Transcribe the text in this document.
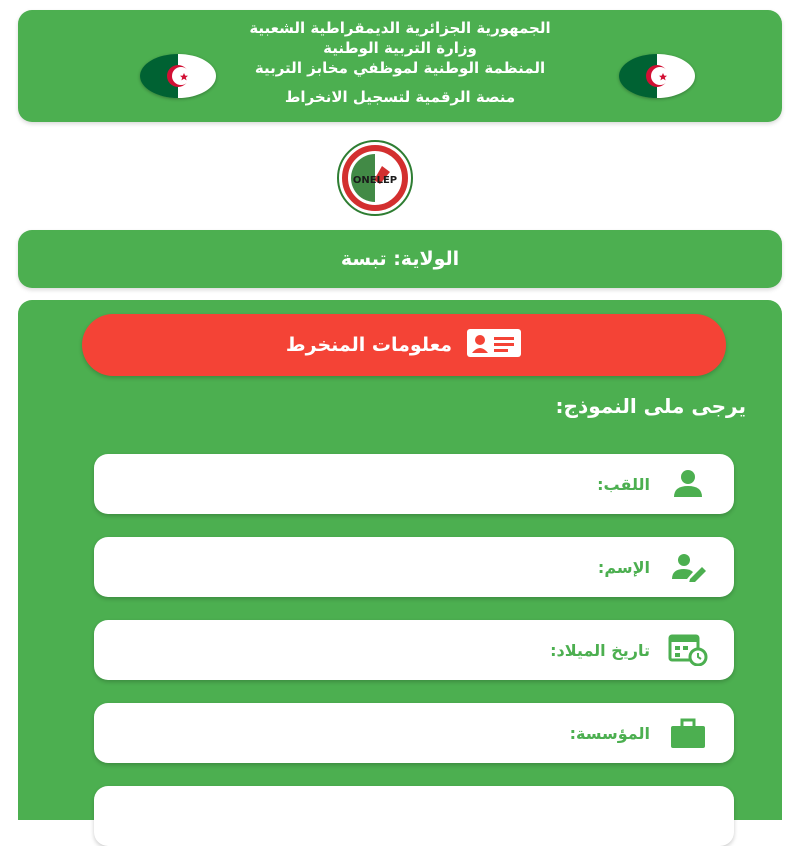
الجمهورية الجزائرية الديمقراطية الشعبية
وزارة التربية الوطنية
المنظمة الوطنية لموظفي مخابز التربية
منصة الرقمية لتسجيل الانخراط
ONELEP
الولاية: تبسة
معلومات المنخرط
يرجى ملى النموذج:
اللقب:
الإسم:
تاريخ الميلاد:
المؤسسة:
